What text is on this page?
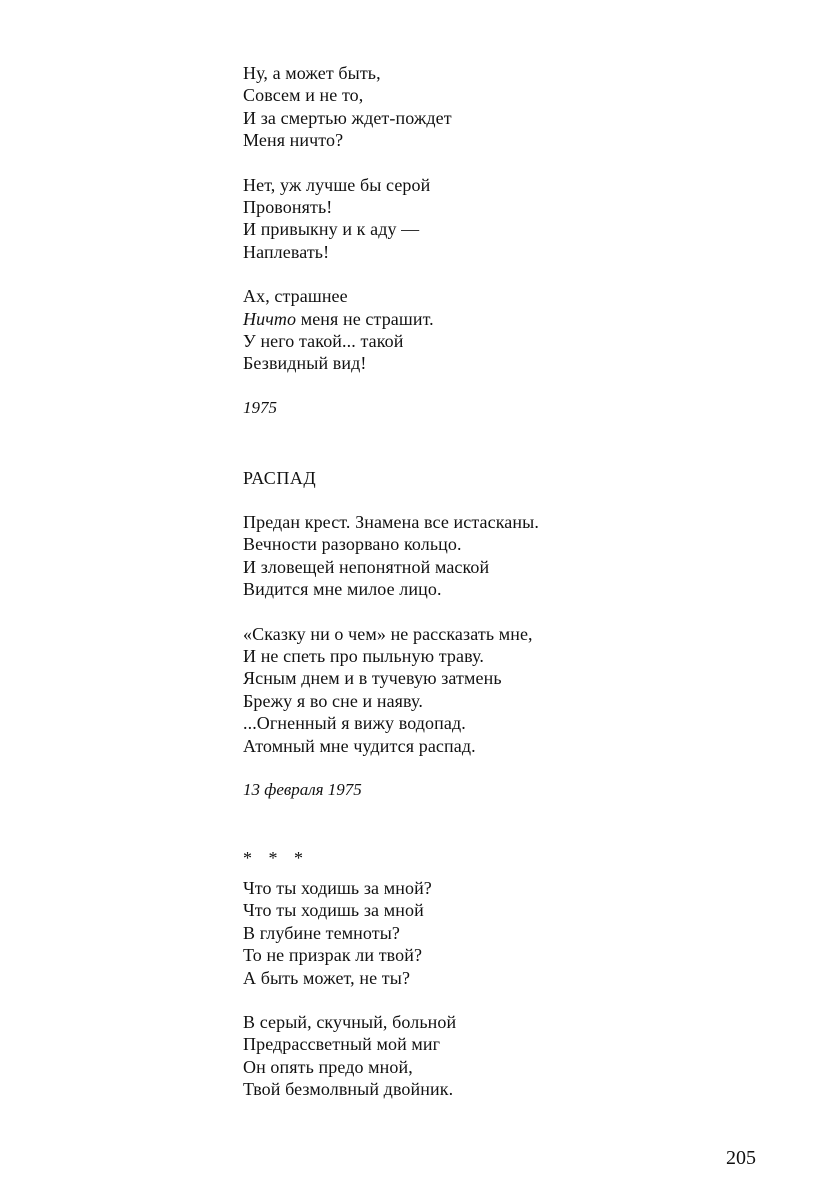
Ну, а может быть,
Совсем и не то,
И за смертью ждет-пождет
Меня ничто?
Нет, уж лучше бы серой
Провонять!
И привыкну и к аду —
Наплевать!
Ах, страшнее
Ничто меня не страшит.
У него такой... такой
Безвидный вид!
1975
РАСПАД
Предан крест. Знамена все истасканы.
Вечности разорвано кольцо.
И зловещей непонятной маской
Видится мне милое лицо.
«Сказку ни о чем» не рассказать мне,
И не спеть про пыльную траву.
Ясным днем и в тучевую затмень
Брежу я во сне и наяву.
...Огненный я вижу водопад.
Атомный мне чудится распад.
13 февраля 1975
* * *
Что ты ходишь за мной?
Что ты ходишь за мной
В глубине темноты?
То не призрак ли твой?
А быть может, не ты?
В серый, скучный, больной
Предрассветный мой миг
Он опять предо мной,
Твой безмолвный двойник.
205
